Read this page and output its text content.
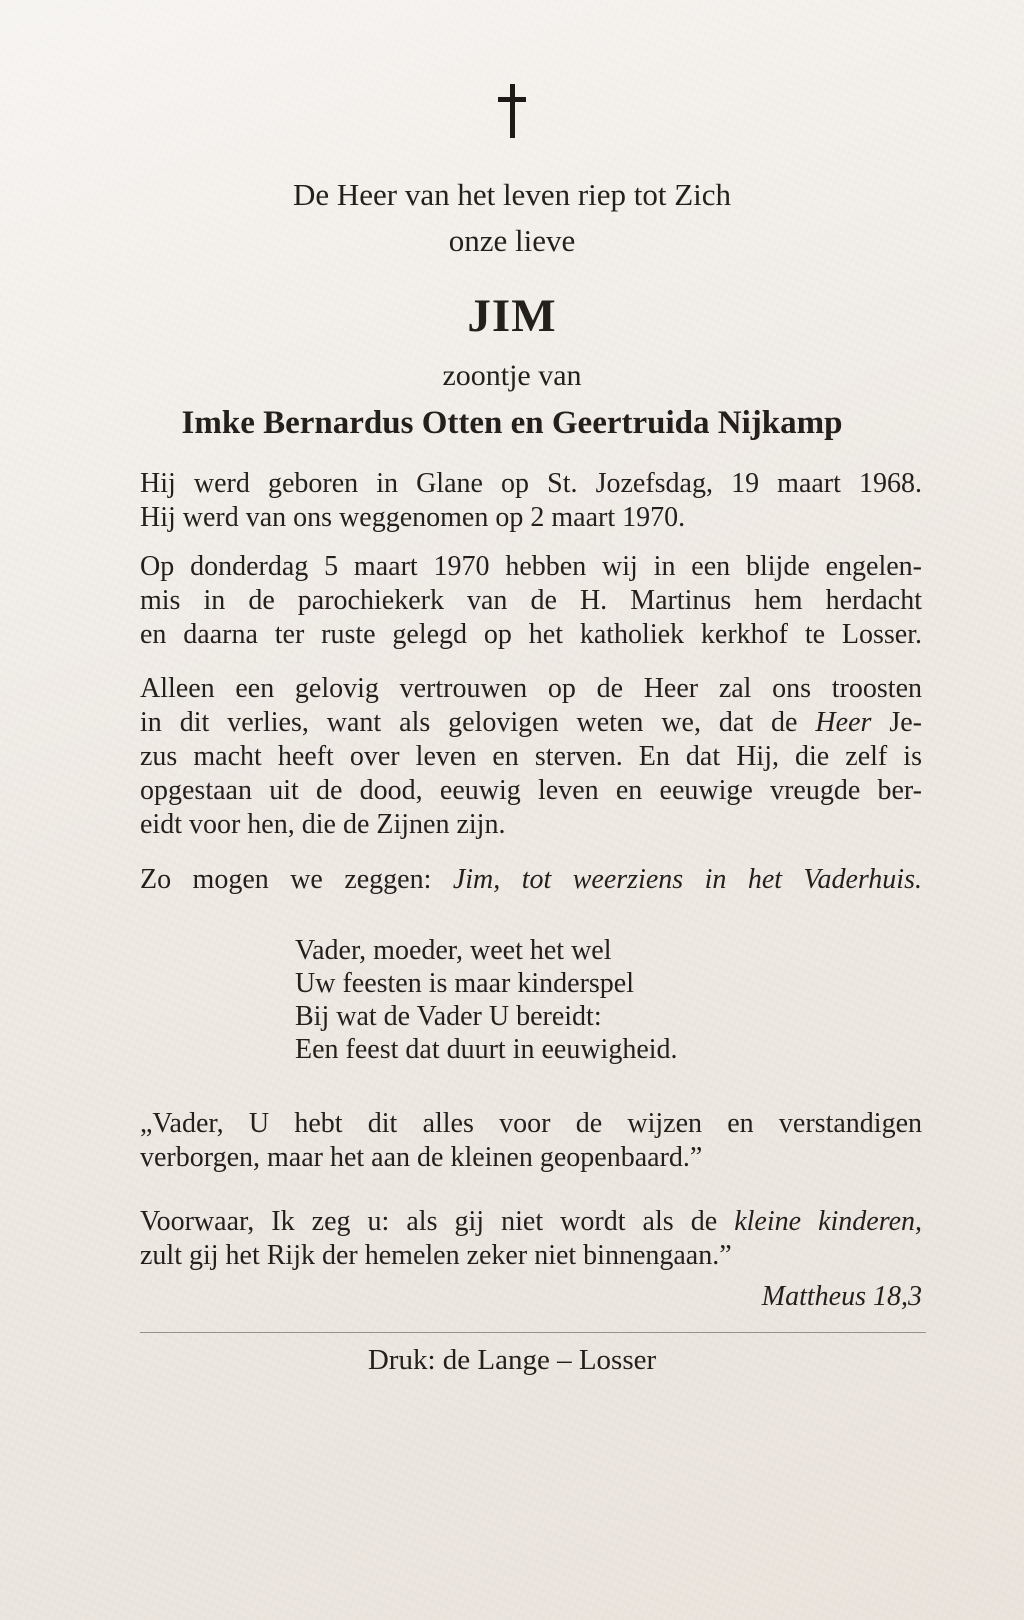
De Heer van het leven riep tot Zich
onze lieve
JIM
zoontje van
Imke Bernardus Otten en Geertruida Nijkamp
Hij werd geboren in Glane op St. Jozefsdag, 19 maart 1968.
Hij werd van ons weggenomen op 2 maart 1970.
Op donderdag 5 maart 1970 hebben wij in een blijde engelen-
mis in de parochiekerk van de H. Martinus hem herdacht
en daarna ter ruste gelegd op het katholiek kerkhof te Losser.
Alleen een gelovig vertrouwen op de Heer zal ons troosten
in dit verlies, want als gelovigen weten we, dat de Heer Je-
zus macht heeft over leven en sterven. En dat Hij, die zelf is
opgestaan uit de dood, eeuwig leven en eeuwige vreugde ber-
eidt voor hen, die de Zijnen zijn.
Zo mogen we zeggen: Jim, tot weerziens in het Vaderhuis.
Vader, moeder, weet het wel
Uw feesten is maar kinderspel
Bij wat de Vader U bereidt:
Een feest dat duurt in eeuwigheid.
„Vader, U hebt dit alles voor de wijzen en verstandigen
verborgen, maar het aan de kleinen geopenbaard.”
Voorwaar, Ik zeg u: als gij niet wordt als de kleine kinderen,
zult gij het Rijk der hemelen zeker niet binnengaan.”
Mattheus 18,3
Druk: de Lange – Losser
